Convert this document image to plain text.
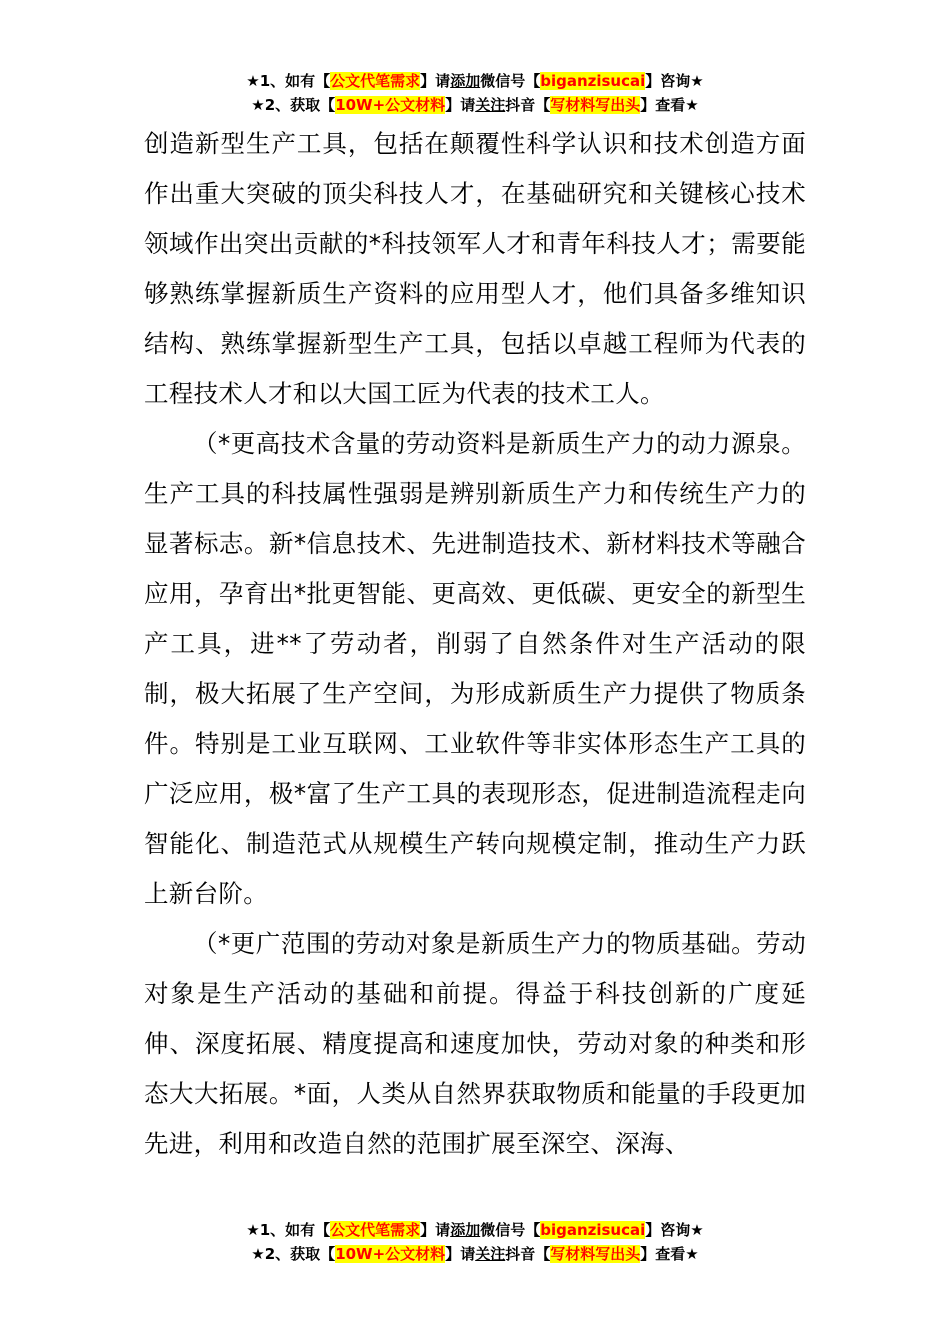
★1、如有【公文代笔需求】请添加微信号【biganzisucai】咨询★
★2、获取【10W+公文材料】请关注抖音【写材料写出头】查看★

创造新型生产工具，包括在颠覆性科学认识和技术创造方面作出重大突破的顶尖科技人才，在基础研究和关键核心技术领域作出突出贡献的*科技领军人才和青年科技人才；需要能够熟练掌握新质生产资料的应用型人才，他们具备多维知识结构、熟练掌握新型生产工具，包括以卓越工程师为代表的工程技术人才和以大国工匠为代表的技术工人。

（*更高技术含量的劳动资料是新质生产力的动力源泉。生产工具的科技属性强弱是辨别新质生产力和传统生产力的显著标志。新*信息技术、先进制造技术、新材料技术等融合应用，孕育出*批更智能、更高效、更低碳、更安全的新型生产工具，进**了劳动者，削弱了自然条件对生产活动的限制，极大拓展了生产空间，为形成新质生产力提供了物质条件。特别是工业互联网、工业软件等非实体形态生产工具的广泛应用，极*富了生产工具的表现形态，促进制造流程走向智能化、制造范式从规模生产转向规模定制，推动生产力跃上新台阶。

（*更广范围的劳动对象是新质生产力的物质基础。劳动对象是生产活动的基础和前提。得益于科技创新的广度延伸、深度拓展、精度提高和速度加快，劳动对象的种类和形态大大拓展。*面，人类从自然界获取物质和能量的手段更加先进，利用和改造自然的范围扩展至深空、深海、

★1、如有【公文代笔需求】请添加微信号【biganzisucai】咨询★
★2、获取【10W+公文材料】请关注抖音【写材料写出头】查看★
